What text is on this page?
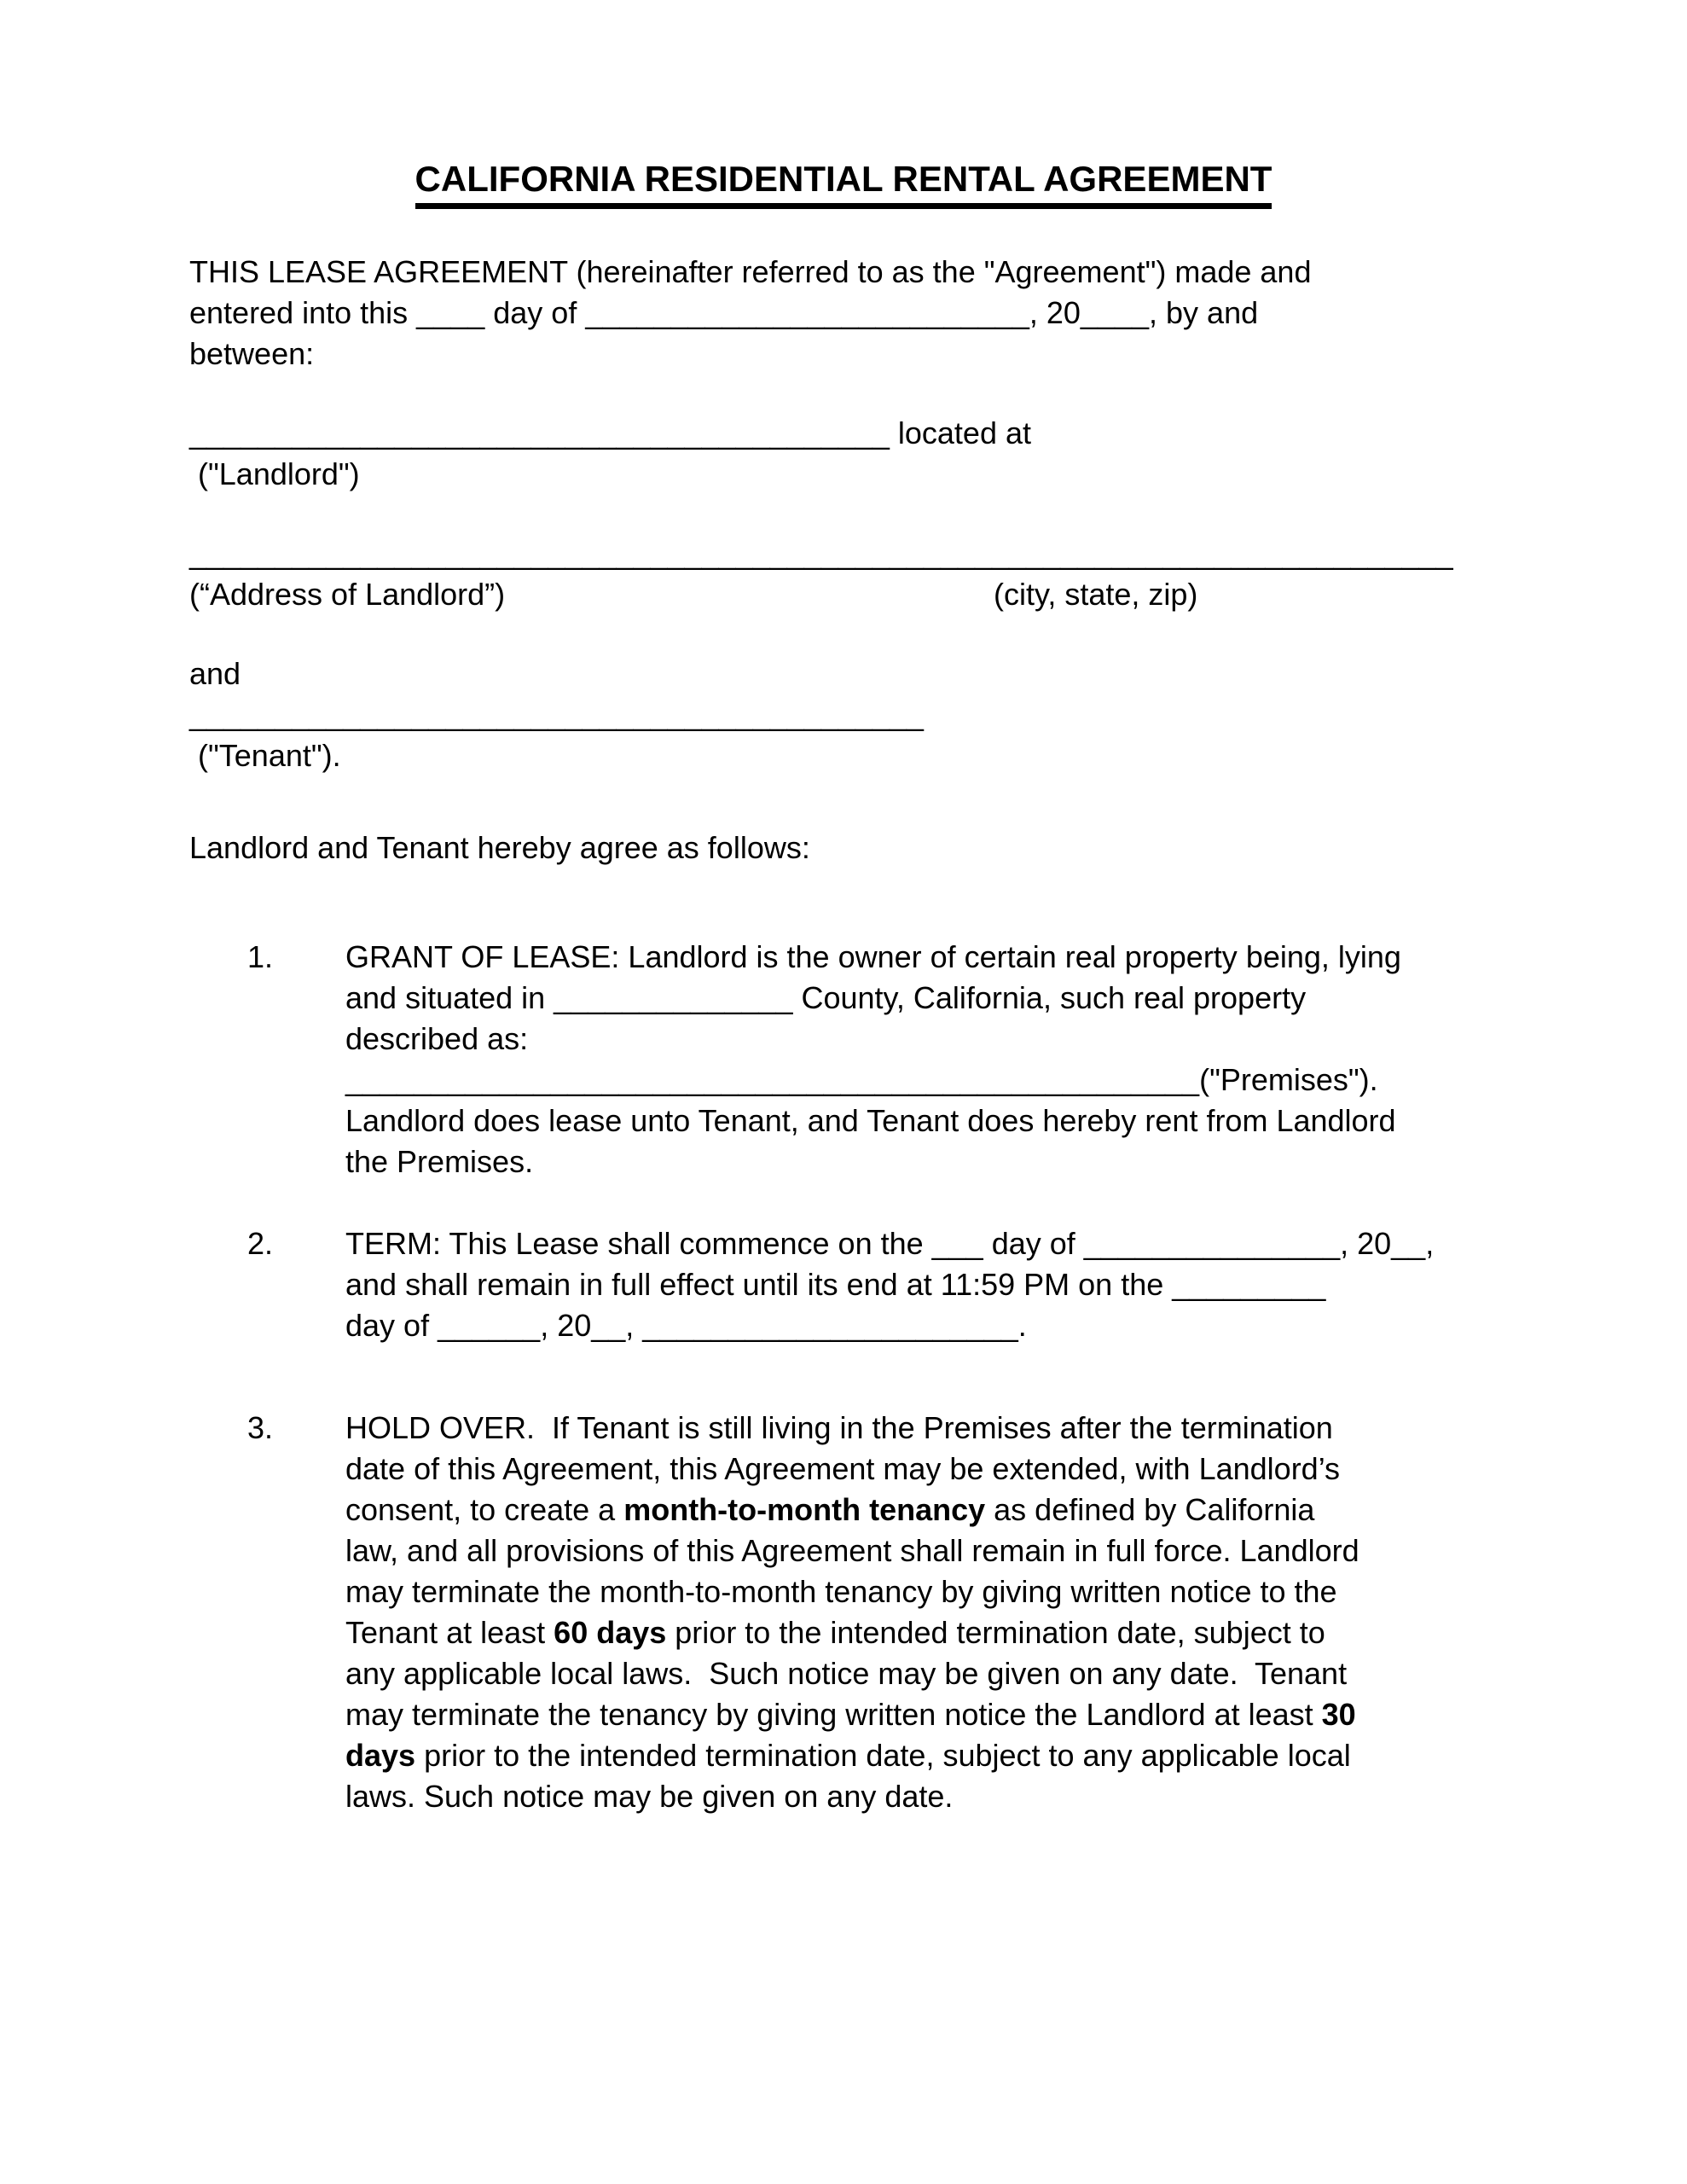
CALIFORNIA RESIDENTIAL RENTAL AGREEMENT
THIS LEASE AGREEMENT (hereinafter referred to as the "Agreement") made and
entered into this ____ day of __________________________, 20____, by and
between:
_________________________________________ located at
("Landlord")
__________________________________________________________________________
(“Address of Landlord”)	(city, state, zip)
and
___________________________________________
("Tenant").
Landlord and Tenant hereby agree as follows:
1.	GRANT OF LEASE: Landlord is the owner of certain real property being, lying
and situated in ______________ County, California, such real property
described as:
__________________________________________________("Premises").
Landlord does lease unto Tenant, and Tenant does hereby rent from Landlord
the Premises.
2.	TERM: This Lease shall commence on the ___ day of _______________, 20__,
and shall remain in full effect until its end at 11:59 PM on the _________
day of ______, 20__, ______________________.
3.	HOLD OVER.  If Tenant is still living in the Premises after the termination
date of this Agreement, this Agreement may be extended, with Landlord’s
consent, to create a month-to-month tenancy as defined by California
law, and all provisions of this Agreement shall remain in full force. Landlord
may terminate the month-to-month tenancy by giving written notice to the
Tenant at least 60 days prior to the intended termination date, subject to
any applicable local laws.  Such notice may be given on any date.  Tenant
may terminate the tenancy by giving written notice the Landlord at least 30
days prior to the intended termination date, subject to any applicable local
laws. Such notice may be given on any date.
